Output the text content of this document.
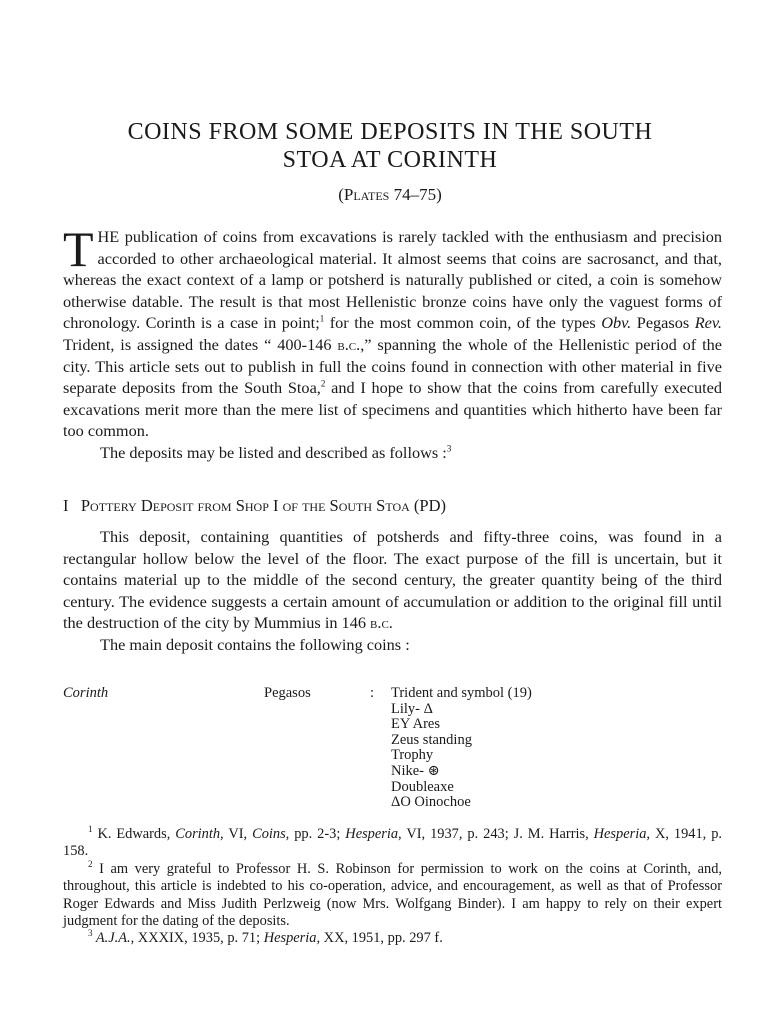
COINS FROM SOME DEPOSITS IN THE SOUTH
STOA AT CORINTH
(Plates 74–75)

THE publication of coins from excavations is rarely tackled with the enthusiasm and precision accorded to other archaeological material. It almost seems that coins are sacrosanct, and that, whereas the exact context of a lamp or potsherd is naturally published or cited, a coin is somehow otherwise datable. The result is that most Hellenistic bronze coins have only the vaguest forms of chronology. Corinth is a case in point;$^1$ for the most common coin, of the types Obv. Pegasos Rev. Trident, is assigned the dates “ 400-146 b.c.,” spanning the whole of the Hellenistic period of the city. This article sets out to publish in full the coins found in connection with other material in five separate deposits from the South Stoa,$^2$ and I hope to show that the coins from carefully executed excavations merit more than the mere list of specimens and quantities which hitherto have been far too common.

The deposits may be listed and described as follows :$^3$

I Pottery Deposit from Shop I of the South Stoa (PD)

This deposit, containing quantities of potsherds and fifty-three coins, was found in a rectangular hollow below the level of the floor. The exact purpose of the fill is uncertain, but it contains material up to the middle of the second century, the greater quantity being of the third century. The evidence suggests a certain amount of accumulation or addition to the original fill until the destruction of the city by Mummius in 146 b.c.

The main deposit contains the following coins :

Corinth	Pegasos	: Trident and symbol (19)
Lily- Δ
EY Ares
Zeus standing
Trophy
Nike- ⊛
Doubleaxe
ΔO Oinochoe

$^1$ K. Edwards, Corinth, VI, Coins, pp. 2-3; Hesperia, VI, 1937, p. 243; J. M. Harris, Hesperia, X, 1941, p. 158.

$^2$ I am very grateful to Professor H. S. Robinson for permission to work on the coins at Corinth, and, throughout, this article is indebted to his co-operation, advice, and encouragement, as well as that of Professor Roger Edwards and Miss Judith Perlzweig (now Mrs. Wolfgang Binder). I am happy to rely on their expert judgment for the dating of the deposits.

$^3$ A.J.A., XXXIX, 1935, p. 71; Hesperia, XX, 1951, pp. 297 f.
